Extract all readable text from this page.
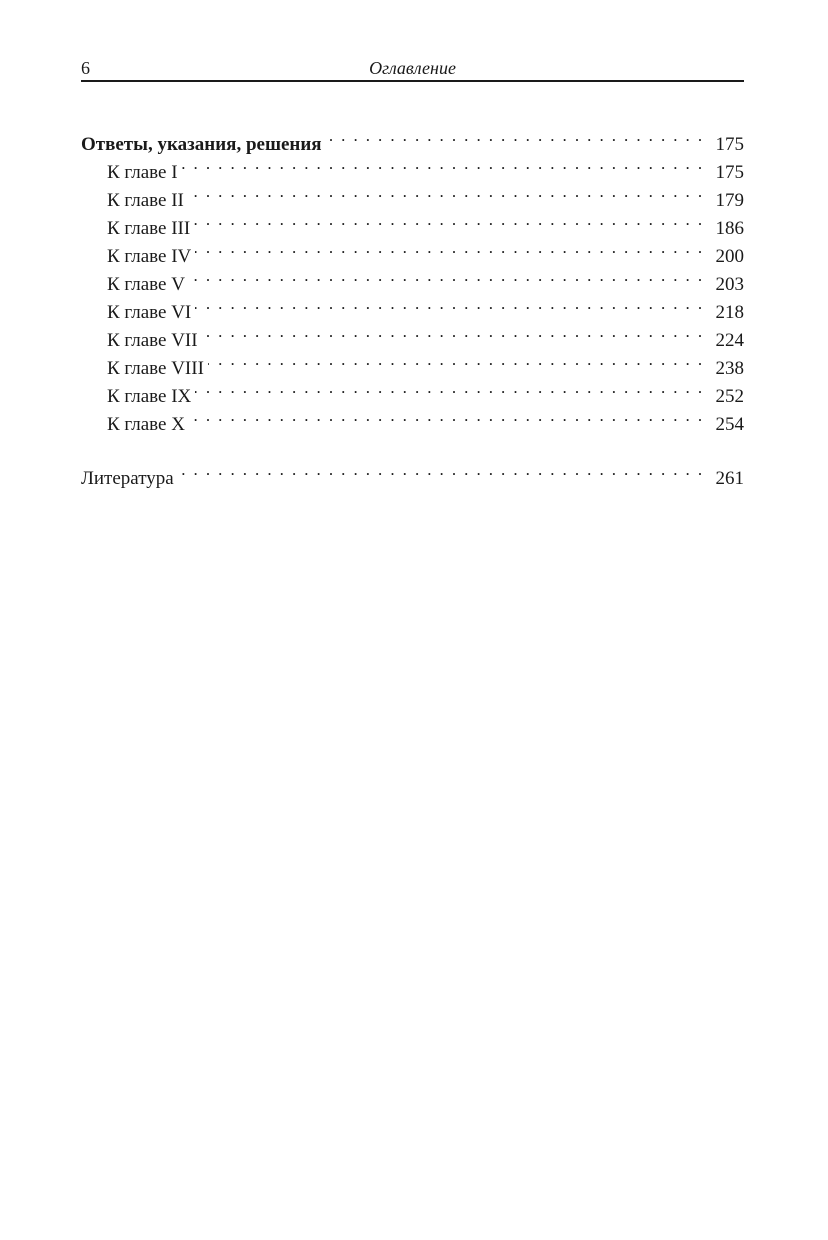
6	Оглавление
Ответы, указания, решения . . .	175
К главе I . . .	175
К главе II . . .	179
К главе III . . .	186
К главе IV . . .	200
К главе V . . .	203
К главе VI . . .	218
К главе VII . . .	224
К главе VIII . . .	238
К главе IX . . .	252
К главе X . . .	254
Литература . . .	261
